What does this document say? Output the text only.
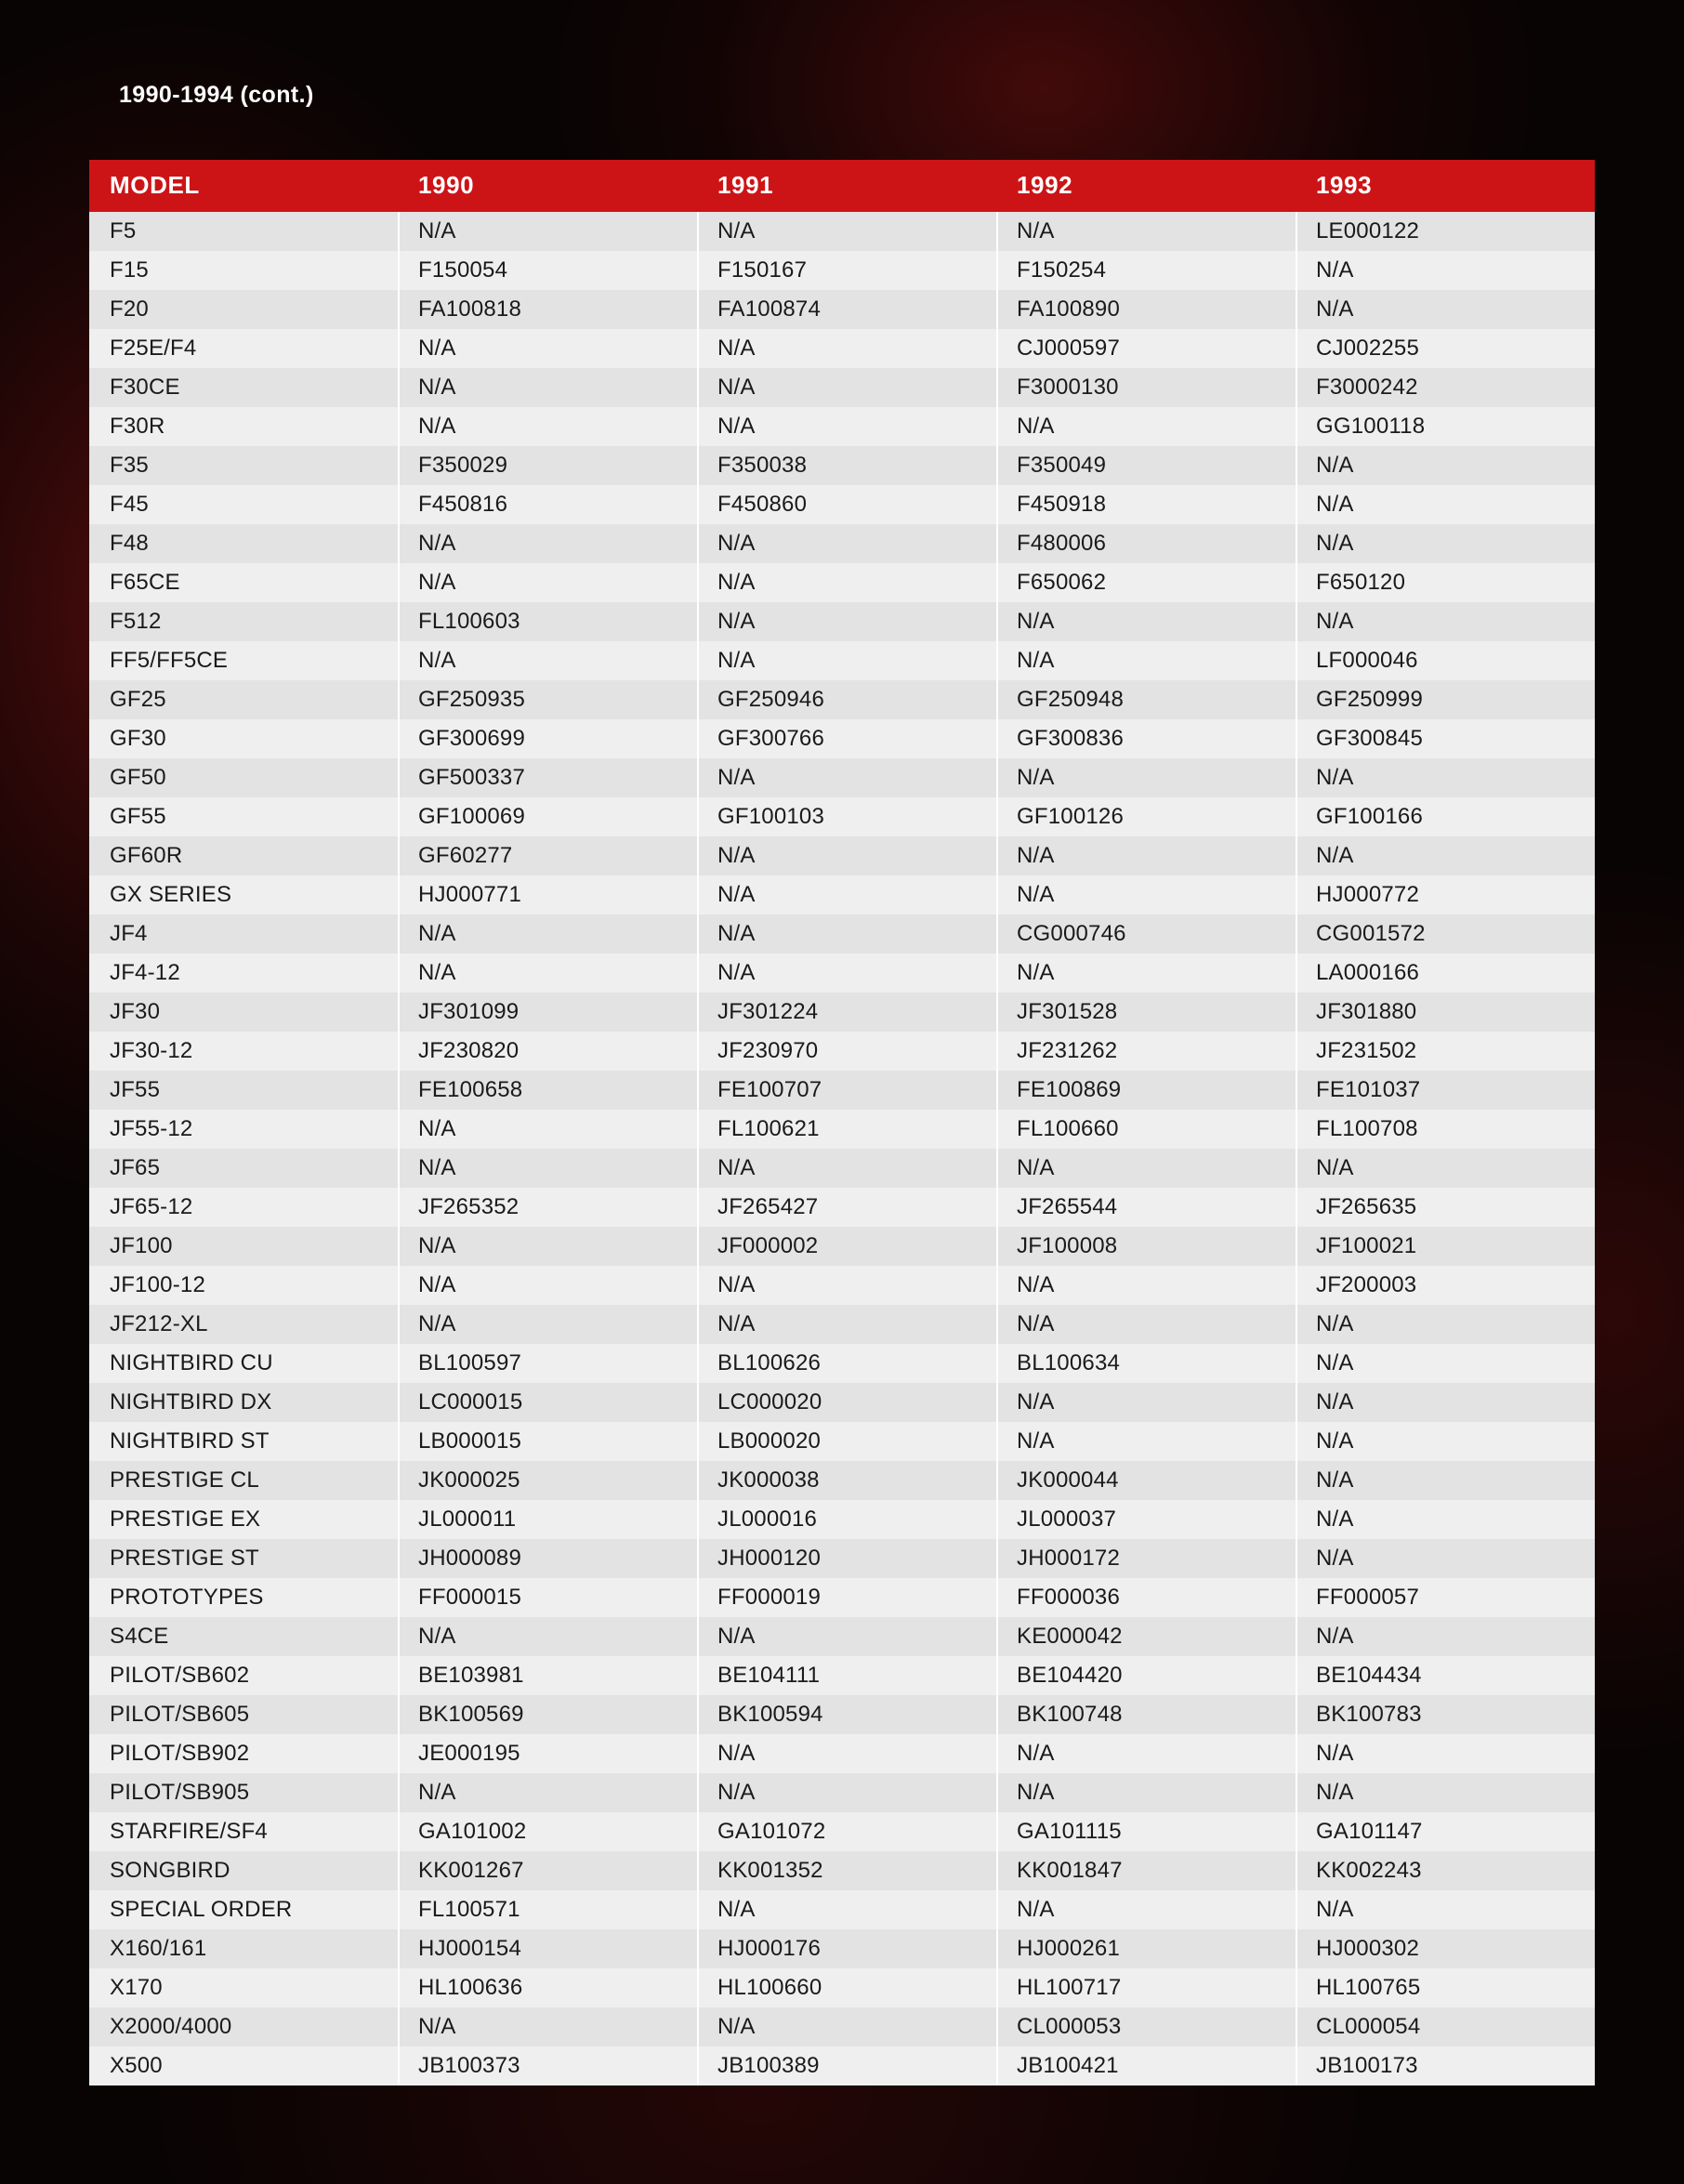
1990-1994 (cont.)
MODEL	1990	1991	1992	1993
F5	N/A	N/A	N/A	LE000122
F15	F150054	F150167	F150254	N/A
F20	FA100818	FA100874	FA100890	N/A
F25E/F4	N/A	N/A	CJ000597	CJ002255
F30CE	N/A	N/A	F3000130	F3000242
F30R	N/A	N/A	N/A	GG100118
F35	F350029	F350038	F350049	N/A
F45	F450816	F450860	F450918	N/A
F48	N/A	N/A	F480006	N/A
F65CE	N/A	N/A	F650062	F650120
F512	FL100603	N/A	N/A	N/A
FF5/FF5CE	N/A	N/A	N/A	LF000046
GF25	GF250935	GF250946	GF250948	GF250999
GF30	GF300699	GF300766	GF300836	GF300845
GF50	GF500337	N/A	N/A	N/A
GF55	GF100069	GF100103	GF100126	GF100166
GF60R	GF60277	N/A	N/A	N/A
GX SERIES	HJ000771	N/A	N/A	HJ000772
JF4	N/A	N/A	CG000746	CG001572
JF4-12	N/A	N/A	N/A	LA000166
JF30	JF301099	JF301224	JF301528	JF301880
JF30-12	JF230820	JF230970	JF231262	JF231502
JF55	FE100658	FE100707	FE100869	FE101037
JF55-12	N/A	FL100621	FL100660	FL100708
JF65	N/A	N/A	N/A	N/A
JF65-12	JF265352	JF265427	JF265544	JF265635
JF100	N/A	JF000002	JF100008	JF100021
JF100-12	N/A	N/A	N/A	JF200003
JF212-XL	N/A	N/A	N/A	N/A
NIGHTBIRD CU	BL100597	BL100626	BL100634	N/A
NIGHTBIRD DX	LC000015	LC000020	N/A	N/A
NIGHTBIRD ST	LB000015	LB000020	N/A	N/A
PRESTIGE CL	JK000025	JK000038	JK000044	N/A
PRESTIGE EX	JL000011	JL000016	JL000037	N/A
PRESTIGE ST	JH000089	JH000120	JH000172	N/A
PROTOTYPES	FF000015	FF000019	FF000036	FF000057
S4CE	N/A	N/A	KE000042	N/A
PILOT/SB602	BE103981	BE104111	BE104420	BE104434
PILOT/SB605	BK100569	BK100594	BK100748	BK100783
PILOT/SB902	JE000195	N/A	N/A	N/A
PILOT/SB905	N/A	N/A	N/A	N/A
STARFIRE/SF4	GA101002	GA101072	GA101115	GA101147
SONGBIRD	KK001267	KK001352	KK001847	KK002243
SPECIAL ORDER	FL100571	N/A	N/A	N/A
X160/161	HJ000154	HJ000176	HJ000261	HJ000302
X170	HL100636	HL100660	HL100717	HL100765
X2000/4000	N/A	N/A	CL000053	CL000054
X500	JB100373	JB100389	JB100421	JB100173
